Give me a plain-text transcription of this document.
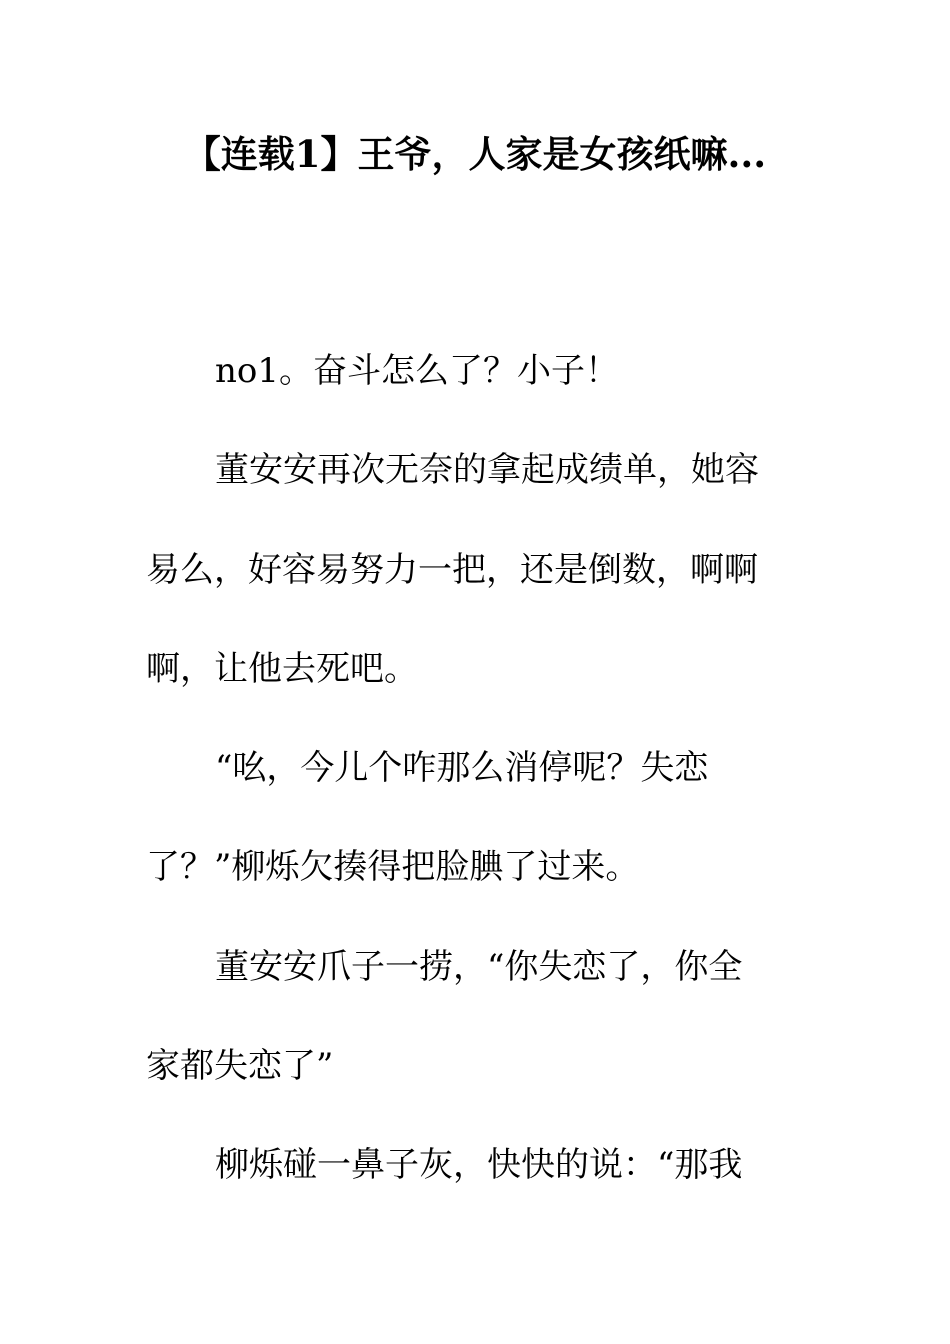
【连载1】王爷，人家是女孩纸嘛...
no1。奋斗怎么了？小子！
董安安再次无奈的拿起成绩单，她容
易么，好容易努力一把，还是倒数，啊啊
啊，让他去死吧。
“吆，今儿个咋那么消停呢？失恋
了？”柳烁欠揍得把脸腆了过来。
董安安爪子一捞，“你失恋了，你全
家都失恋了”
柳烁碰一鼻子灰，快快的说：“那我
